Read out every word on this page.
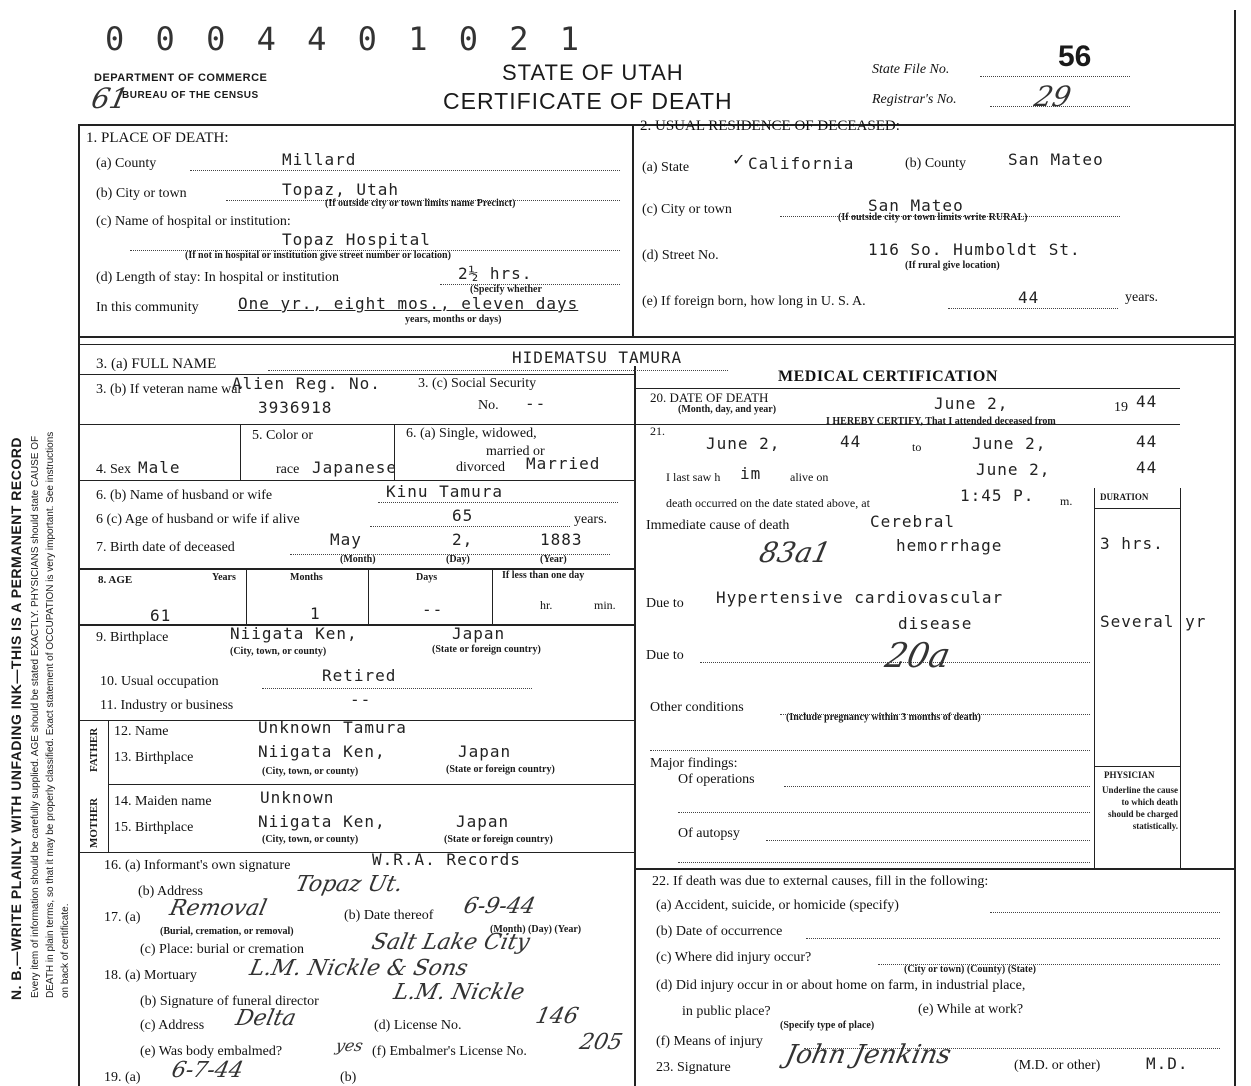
N. B.—WRITE PLAINLY WITH UNFADING INK—THIS IS A PERMANENT RECORD Every item of information should be carefully supplied. AGE should be stated EXACTLY. PHYSICIANS should state CAUSE OF DEATH in plain terms, so that it may be properly classified. Exact statement of OCCUPATION is very important. See instructions on back of certificate.
0 0 0 4 4 0 1 0 2 1
DEPARTMENT OF COMMERCE
BUREAU OF THE CENSUS
61
STATE OF UTAH
CERTIFICATE OF DEATH
State File No.	56
Registrar's No.	29
1. PLACE OF DEATH:
(a) County	Millard
(b) City or town	Topaz, Utah
(If outside city or town limits name Precinct)
(c) Name of hospital or institution:
Topaz Hospital
(If not in hospital or institution give street number or location)
(d) Length of stay: In hospital or institution	2½ hrs.
(Specify whether
In this community One yr., eight mos., eleven days
years, months or days)
2. USUAL RESIDENCE OF DECEASED:
(a) State	✓ California	(b) County	San Mateo
(c) City or town	San Mateo
(If outside city or town limits write RURAL)
(d) Street No.	116 So. Humboldt St.
(If rural give location)
(e) If foreign born, how long in U. S. A.	44	years.
3. (a) FULL NAME	HIDEMATSU TAMURA
3. (b) If veteran name war
Alien Reg. No.
3936918
3. (c) Social Security
No. --
4. Sex Male
5. Color or
race Japanese
6. (a) Single, widowed,
married or
divorced Married
6. (b) Name of husband or wife	Kinu Tamura
6 (c) Age of husband or wife if alive	65	years.
7. Birth date of deceased	May	2,	1883
(Month)	(Day)	(Year)
8. AGE	Years	Months	Days	If less than one day
61	1	--	hr.	min.
9. Birthplace	Niigata Ken,	Japan
(City, town, or county)	(State or foreign country)
10. Usual occupation	Retired
11. Industry or business	--
FATHER
MOTHER
12. Name	Unknown Tamura
13. Birthplace	Niigata Ken,	Japan
(City, town, or county)	(State or foreign country)
14. Maiden name	Unknown
15. Birthplace	Niigata Ken,	Japan
(City, town, or county)	(State or foreign country)
16. (a) Informant's own signature	W.R.A. Records
(b) Address	Topaz Ut.
17. (a) Removal
(Burial, cremation, or removal)
(b) Date thereof 6-9-44
(Month) (Day) (Year)
(c) Place: burial or cremation	Salt Lake City
18. (a) Mortuary L.M. Nickle & Sons
(b) Signature of funeral director	L.M. Nickle
(c) Address Delta	(d) License No.	146
(e) Was body embalmed?	yes (f) Embalmer's License No. 205
19. (a) 6-7-44	(b)
MEDICAL CERTIFICATION
20. DATE OF DEATH
(Month, day, and year)	June 2,	19 44
21.
I HEREBY CERTIFY, That I attended deceased from
June 2,	44	to	June 2,	44
I last saw h im alive on	June 2,	44
death occurred on the date stated above, at	1:45 P. m.	DURATION
Immediate cause of death	Cerebral
hemorrhage	3 hrs.
83a1
Due to Hypertensive cardiovascular
disease	Several yr
Due to	20a
Other conditions
(Include pregnancy within 3 months of death)
Major findings:
Of operations
Of autopsy
PHYSICIAN
Underline the cause to which death should be charged statistically.
22. If death was due to external causes, fill in the following:
(a) Accident, suicide, or homicide (specify)
(b) Date of occurrence
(c) Where did injury occur?
(City or town) (County) (State)
(d) Did injury occur in or about home on farm, in industrial place,
in public place?
(Specify type of place)
(e) While at work?
(f) Means of injury
23. Signature John Jenkins	(M.D. or other)	M.D.
